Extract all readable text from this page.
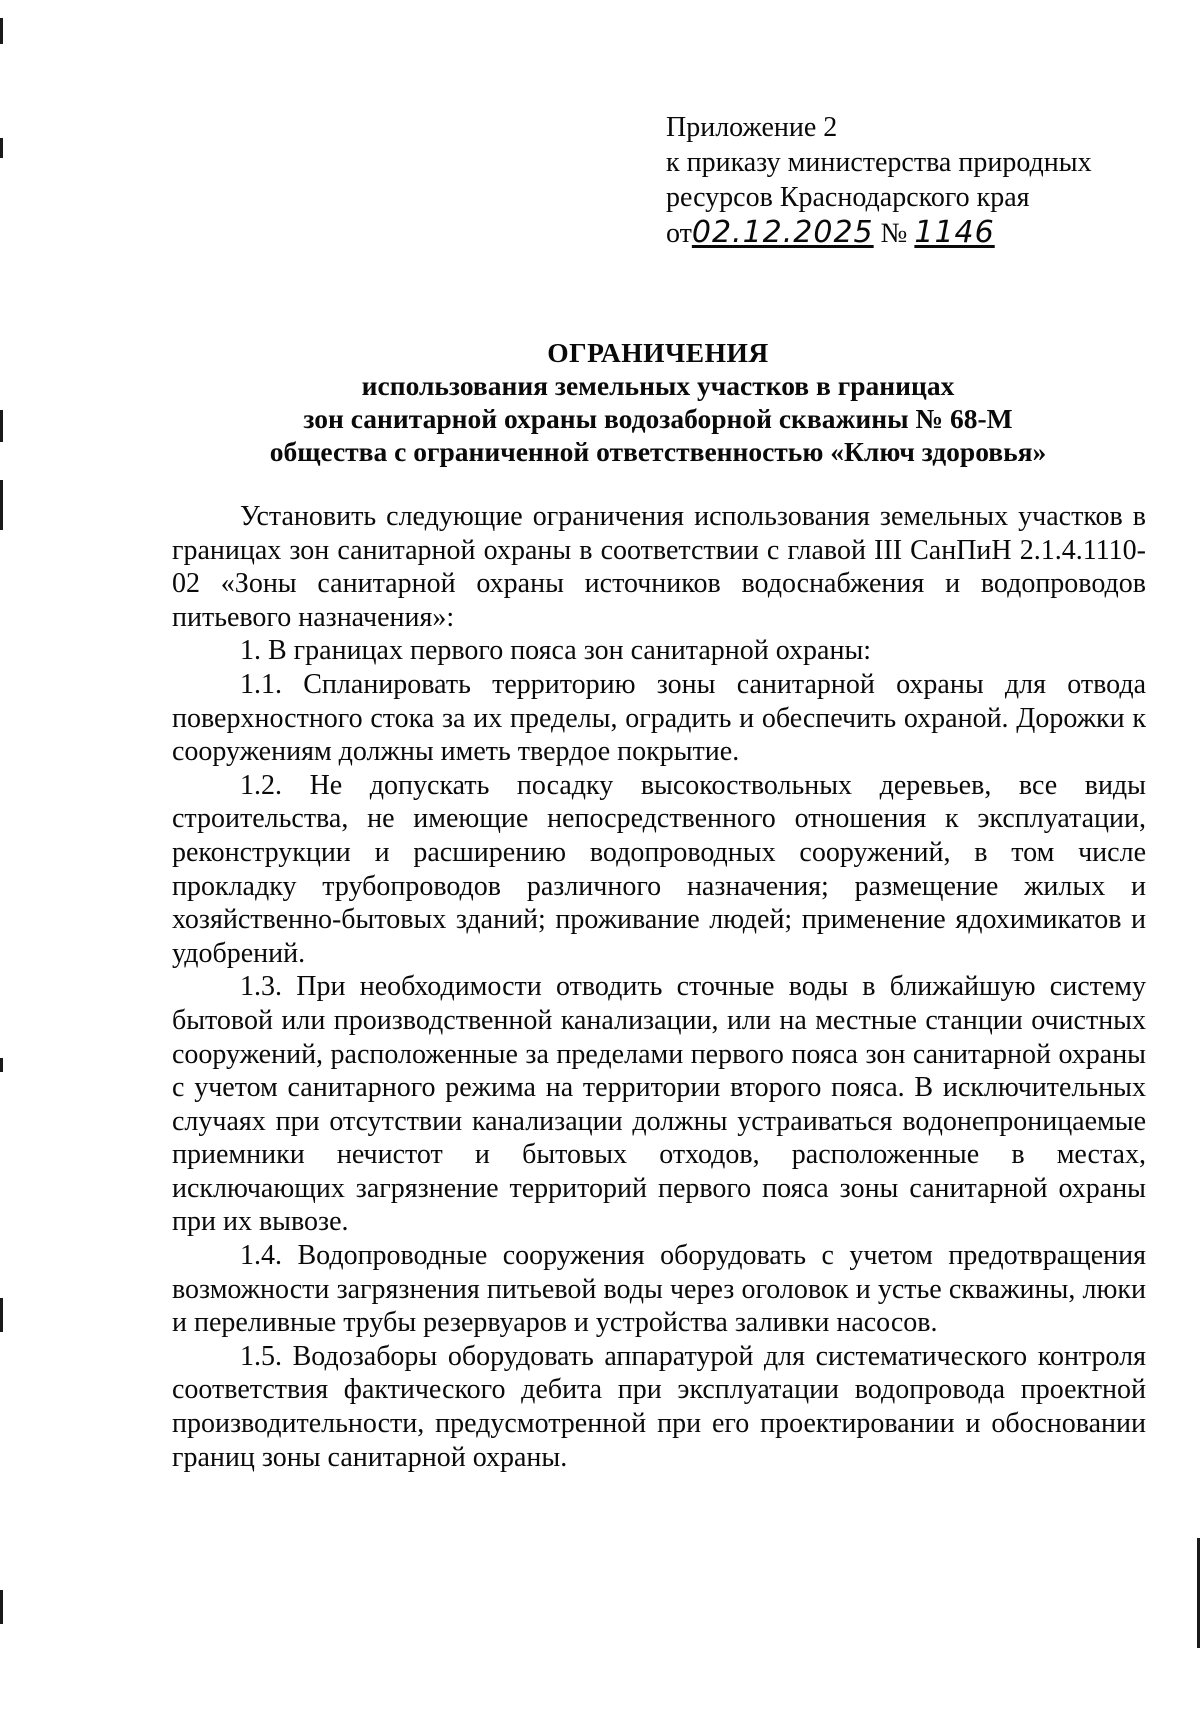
Приложение 2
к приказу министерства природных
ресурсов Краснодарского края
от02.12.2025 № 1146
ОГРАНИЧЕНИЯ
использования земельных участков в границах
зон санитарной охраны водозаборной скважины № 68-М
общества с ограниченной ответственностью «Ключ здоровья»

Установить следующие ограничения использования земельных участков в границах зон санитарной охраны в соответствии с главой III СанПиН 2.1.4.1110-02 «Зоны санитарной охраны источников водоснабжения и водопроводов питьевого назначения»:

1. В границах первого пояса зон санитарной охраны:

1.1. Спланировать территорию зоны санитарной охраны для отвода поверхностного стока за их пределы, оградить и обеспечить охраной. Дорожки к сооружениям должны иметь твердое покрытие.

1.2. Не допускать посадку высокоствольных деревьев, все виды строительства, не имеющие непосредственного отношения к эксплуатации, реконструкции и расширению водопроводных сооружений, в том числе прокладку трубопроводов различного назначения; размещение жилых и хозяйственно-бытовых зданий; проживание людей; применение ядохимикатов и удобрений.

1.3. При необходимости отводить сточные воды в ближайшую систему бытовой или производственной канализации, или на местные станции очистных сооружений, расположенные за пределами первого пояса зон санитарной охраны с учетом санитарного режима на территории второго пояса. В исключительных случаях при отсутствии канализации должны устраиваться водонепроницаемые приемники нечистот и бытовых отходов, расположенные в местах, исключающих загрязнение территорий первого пояса зоны санитарной охраны при их вывозе.

1.4. Водопроводные сооружения оборудовать с учетом предотвращения возможности загрязнения питьевой воды через оголовок и устье скважины, люки и переливные трубы резервуаров и устройства заливки насосов.

1.5. Водозаборы оборудовать аппаратурой для систематического контроля соответствия фактического дебита при эксплуатации водопровода проектной производительности, предусмотренной при его проектировании и обосновании границ зоны санитарной охраны.
